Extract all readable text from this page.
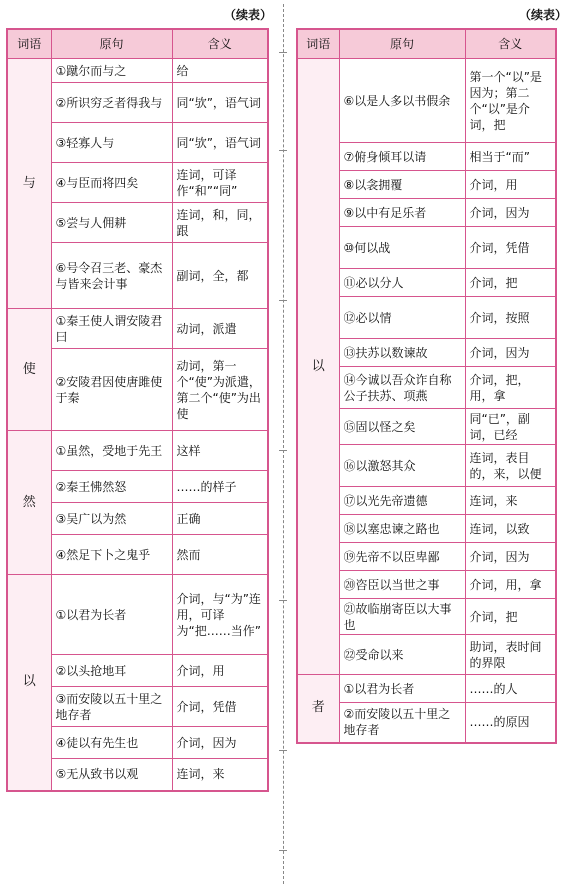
（续表）	（续表）
词语	原句	含义
与	①蹴尔而与之	给
	②所识穷乏者得我与	同“欤”，语气词
	③轻寡人与	同“欤”，语气词
	④与臣而将四矣	连词，可译作“和”“同”
	⑤尝与人佣耕	连词，和，同，跟
	⑥号令召三老、豪杰与皆来会计事	副词，全，都
使	①秦王使人谓安陵君曰	动词，派遣
	②安陵君因使唐雎使于秦	动词，第一个“使”为派遣，第二个“使”为出使
然	①虽然，受地于先王	这样
	②秦王怫然怒	……的样子
	③吴广以为然	正确
	④然足下卜之鬼乎	然而
以	①以君为长者	介词，与“为”连用，可译为“把……当作”
	②以头抢地耳	介词，用
	③而安陵以五十里之地存者	介词，凭借
	④徒以有先生也	介词，因为
	⑤无从致书以观	连词，来
词语	原句	含义
以	⑥以是人多以书假余	第一个“以”是因为；第二个“以”是介词，把
	⑦俯身倾耳以请	相当于“而”
	⑧以衾拥覆	介词，用
	⑨以中有足乐者	介词，因为
	⑩何以战	介词，凭借
	⑪必以分人	介词，把
	⑫必以情	介词，按照
	⑬扶苏以数谏故	介词，因为
	⑭今诚以吾众诈自称公子扶苏、项燕	介词，把，用，拿
	⑮固以怪之矣	同“已”，副词，已经
	⑯以激怒其众	连词，表目的，来，以便
	⑰以光先帝遗德	连词，来
	⑱以塞忠谏之路也	连词，以致
	⑲先帝不以臣卑鄙	介词，因为
	⑳咨臣以当世之事	介词，用，拿
	㉑故临崩寄臣以大事也	介词，把
	㉒受命以来	助词，表时间的界限
者	①以君为长者	……的人
	②而安陵以五十里之地存者	……的原因
